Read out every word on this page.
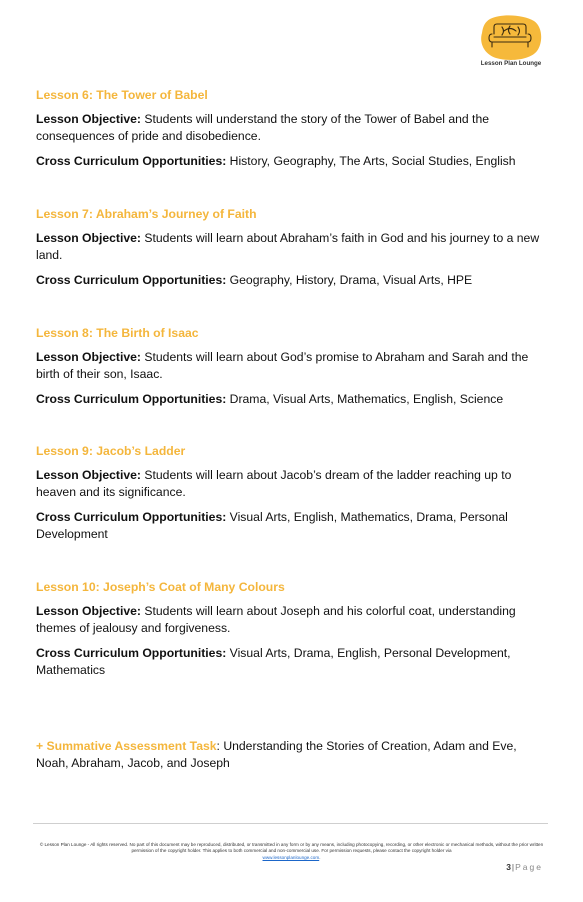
Lesson Plan Lounge
Lesson 6: The Tower of Babel
Lesson Objective: Students will understand the story of the Tower of Babel and the consequences of pride and disobedience.
Cross Curriculum Opportunities: History, Geography, The Arts, Social Studies, English
Lesson 7: Abraham’s Journey of Faith
Lesson Objective: Students will learn about Abraham’s faith in God and his journey to a new land.
Cross Curriculum Opportunities: Geography, History, Drama, Visual Arts, HPE
Lesson 8: The Birth of Isaac
Lesson Objective: Students will learn about God’s promise to Abraham and Sarah and the birth of their son, Isaac.
Cross Curriculum Opportunities: Drama, Visual Arts, Mathematics, English, Science
Lesson 9: Jacob’s Ladder
Lesson Objective: Students will learn about Jacob’s dream of the ladder reaching up to heaven and its significance.
Cross Curriculum Opportunities: Visual Arts, English, Mathematics, Drama, Personal Development
Lesson 10: Joseph’s Coat of Many Colours
Lesson Objective: Students will learn about Joseph and his colorful coat, understanding themes of jealousy and forgiveness.
Cross Curriculum Opportunities: Visual Arts, Drama, English, Personal Development, Mathematics
+ Summative Assessment Task: Understanding the Stories of Creation, Adam and Eve, Noah, Abraham, Jacob, and Joseph
© Lesson Plan Lounge - All rights reserved. No part of this document may be reproduced, distributed, or transmitted in any form or by any means, including photocopying, recording, or other electronic or mechanical methods, without the prior written permission of the copyright holder. This applies to both commercial and non-commercial use. For permission requests, please contact the copyright holder via
www.lessonplanlounge.com.
3|Page
